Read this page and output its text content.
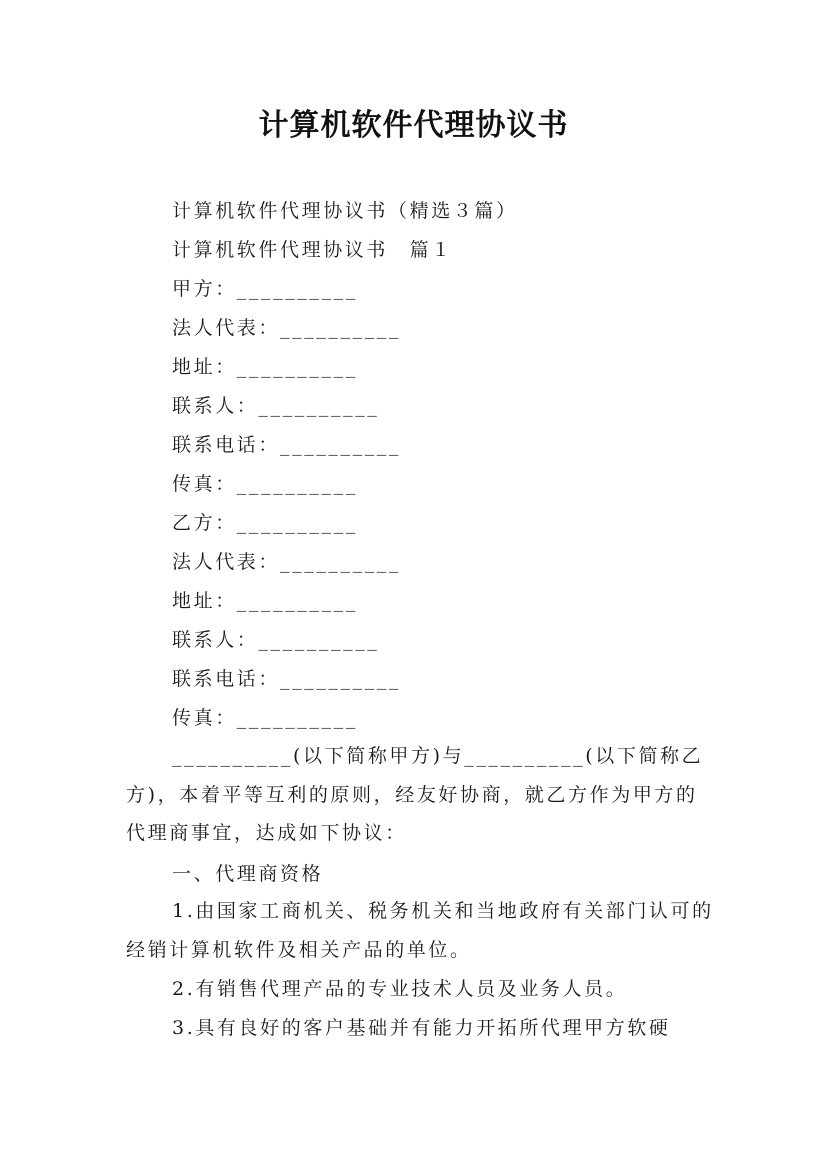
计算机软件代理协议书
计算机软件代理协议书（精选３篇）
计算机软件代理协议书　篇１
甲方：__________
法人代表：__________
地址：__________
联系人：__________
联系电话：__________
传真：__________
乙方：__________
法人代表：__________
地址：__________
联系人：__________
联系电话：__________
传真：__________
__________(以下简称甲方)与__________(以下简称乙方)，本着平等互利的原则，经友好协商，就乙方作为甲方的代理商事宜，达成如下协议：
一、代理商资格
1.由国家工商机关、税务机关和当地政府有关部门认可的经销计算机软件及相关产品的单位。
2.有销售代理产品的专业技术人员及业务人员。
3.具有良好的客户基础并有能力开拓所代理甲方软硬
